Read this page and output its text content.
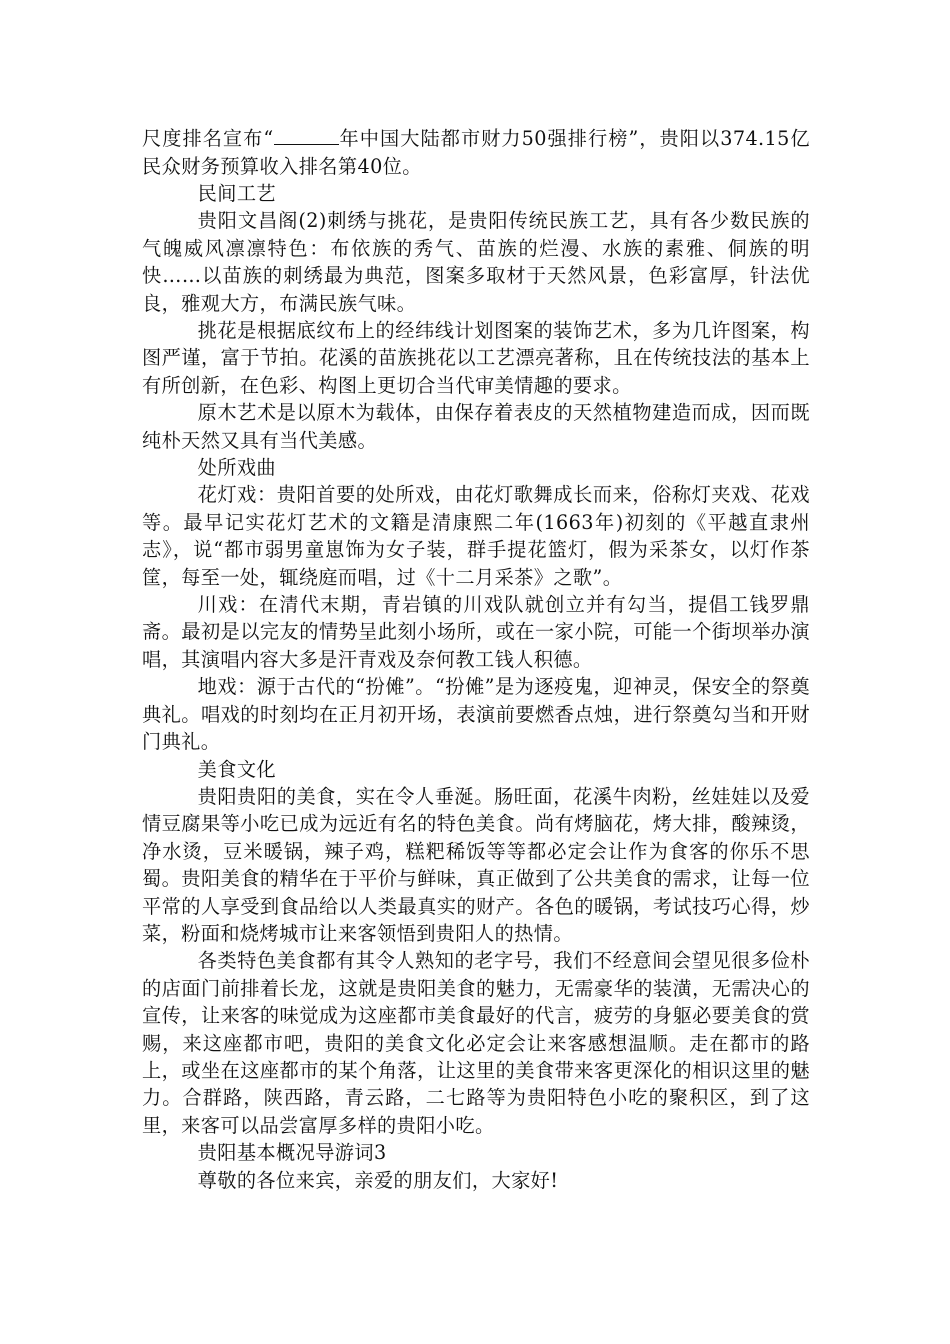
尺度排名宣布“	年中国大陆都市财力50强排行榜”，贵阳以374.15亿民众财务预算收入排名第40位。

民间工艺

贵阳文昌阁(2)刺绣与挑花，是贵阳传统民族工艺，具有各少数民族的气魄威风凛凛特色：布依族的秀气、苗族的烂漫、水族的素雅、侗族的明快……以苗族的刺绣最为典范，图案多取材于天然风景，色彩富厚，针法优良，雅观大方，布满民族气味。

挑花是根据底纹布上的经纬线计划图案的装饰艺术，多为几许图案，构图严谨，富于节拍。花溪的苗族挑花以工艺漂亮著称，且在传统技法的基本上有所创新，在色彩、构图上更切合当代审美情趣的要求。

原木艺术是以原木为载体，由保存着表皮的天然植物建造而成，因而既纯朴天然又具有当代美感。

处所戏曲

花灯戏：贵阳首要的处所戏，由花灯歌舞成长而来，俗称灯夹戏、花戏等。最早记实花灯艺术的文籍是清康熙二年(1663年)初刻的《平越直隶州志》，说“都市弱男童崽饰为女子装，群手提花篮灯，假为采茶女，以灯作茶筐，每至一处，辄绕庭而唱，过《十二月采茶》之歌”。

川戏：在清代末期，青岩镇的川戏队就创立并有勾当，提倡工钱罗鼎斋。最初是以完友的情势呈此刻小场所，或在一家小院，可能一个街坝举办演唱，其演唱内容大多是汗青戏及奈何教工钱人积德。

地戏：源于古代的“扮傩”。“扮傩”是为逐疫鬼，迎神灵，保安全的祭奠典礼。唱戏的时刻均在正月初开场，表演前要燃香点烛，进行祭奠勾当和开财门典礼。

美食文化

贵阳贵阳的美食，实在令人垂涎。肠旺面，花溪牛肉粉，丝娃娃以及爱情豆腐果等小吃已成为远近有名的特色美食。尚有烤脑花，烤大排，酸辣烫，净水烫，豆米暖锅，辣子鸡，糕粑稀饭等等都必定会让作为食客的你乐不思蜀。贵阳美食的精华在于平价与鲜味，真正做到了公共美食的需求，让每一位平常的人享受到食品给以人类最真实的财产。各色的暖锅，考试技巧心得，炒菜，粉面和烧烤城市让来客领悟到贵阳人的热情。

各类特色美食都有其令人熟知的老字号，我们不经意间会望见很多俭朴的店面门前排着长龙，这就是贵阳美食的魅力，无需豪华的装潢，无需决心的宣传，让来客的味觉成为这座都市美食最好的代言，疲劳的身躯必要美食的赏赐，来这座都市吧，贵阳的美食文化必定会让来客感想温顺。走在都市的路上，或坐在这座都市的某个角落，让这里的美食带来客更深化的相识这里的魅力。合群路，陕西路，青云路，二七路等为贵阳特色小吃的聚积区，到了这里，来客可以品尝富厚多样的贵阳小吃。

贵阳基本概况导游词3

尊敬的各位来宾，亲爱的朋友们，大家好!
